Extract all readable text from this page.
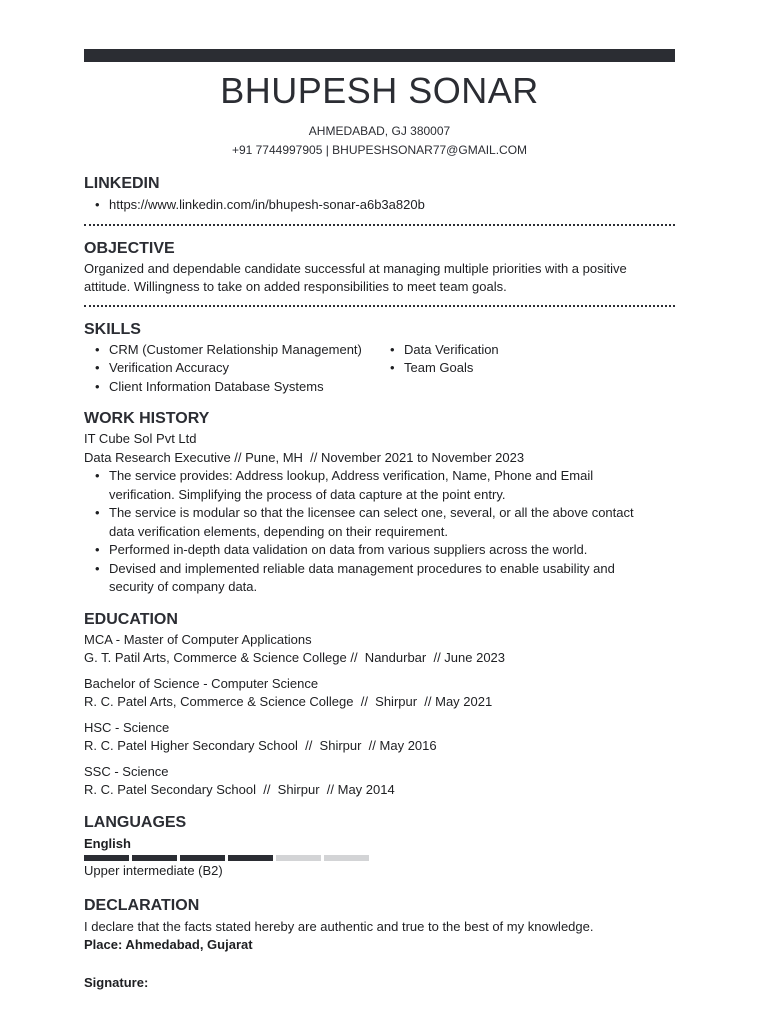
BHUPESH SONAR
AHMEDABAD, GJ 380007
+91 7744997905 | BHUPESHSONAR77@GMAIL.COM
LINKEDIN
• https://www.linkedin.com/in/bhupesh-sonar-a6b3a820b
OBJECTIVE
Organized and dependable candidate successful at managing multiple priorities with a positive
attitude. Willingness to take on added responsibilities to meet team goals.
SKILLS
• CRM (Customer Relationship Management)
• Verification Accuracy
• Client Information Database Systems
• Data Verification
• Team Goals
WORK HISTORY
IT Cube Sol Pvt Ltd
Data Research Executive // Pune, MH  // November 2021 to November 2023
• The service provides: Address lookup, Address verification, Name, Phone and Email
verification. Simplifying the process of data capture at the point entry.
• The service is modular so that the licensee can select one, several, or all the above contact
data verification elements, depending on their requirement.
• Performed in-depth data validation on data from various suppliers across the world.
• Devised and implemented reliable data management procedures to enable usability and
security of company data.
EDUCATION
MCA - Master of Computer Applications
G. T. Patil Arts, Commerce & Science College //  Nandurbar  // June 2023
Bachelor of Science - Computer Science
R. C. Patel Arts, Commerce & Science College  //  Shirpur  // May 2021
HSC - Science
R. C. Patel Higher Secondary School  //  Shirpur  // May 2016
SSC - Science
R. C. Patel Secondary School  //  Shirpur  // May 2014
LANGUAGES
English
Upper intermediate (B2)
DECLARATION
I declare that the facts stated hereby are authentic and true to the best of my knowledge.
Place: Ahmedabad, Gujarat
Signature:
